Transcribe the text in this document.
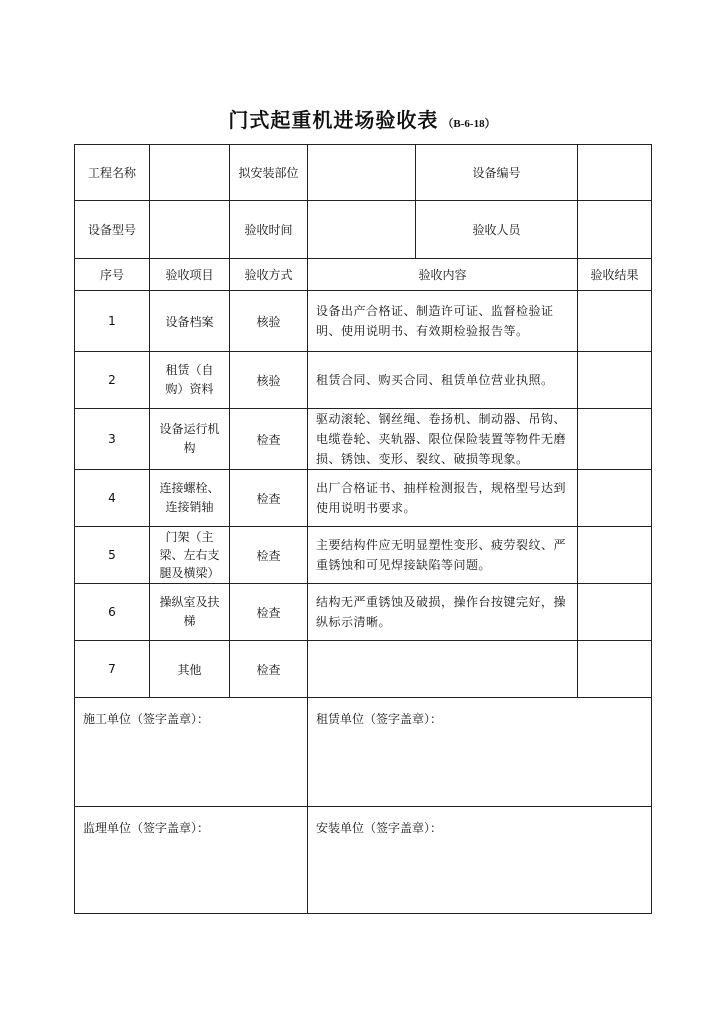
门式起重机进场验收表 （B-6-18）
工程名称		拟安装部位		设备编号	
设备型号		验收时间		验收人员	
序号	验收项目	验收方式	验收内容		验收结果
1	设备档案	核验	设备出产合格证、制造许可证、监督检验证明、使用说明书、有效期检验报告等。		
2	租赁（自购）资料	核验	租赁合同、购买合同、租赁单位营业执照。		
3	设备运行机构	检查	驱动滚轮、钢丝绳、卷扬机、制动器、吊钩、电缆卷轮、夹轨器、限位保险装置等物件无磨损、锈蚀、变形、裂纹、破损等现象。		
4	连接螺栓、连接销轴	检查	出厂合格证书、抽样检测报告，规格型号达到使用说明书要求。		
5	门架（主梁、左右支腿及横梁）	检查	主要结构件应无明显塑性变形、疲劳裂纹、严重锈蚀和可见焊接缺陷等问题。		
6	操纵室及扶梯	检查	结构无严重锈蚀及破损，操作台按键完好，操纵标示清晰。		
7	其他	检查			
施工单位（签字盖章）：			租赁单位（签字盖章）：		
监理单位（签字盖章）：			安装单位（签字盖章）：		
